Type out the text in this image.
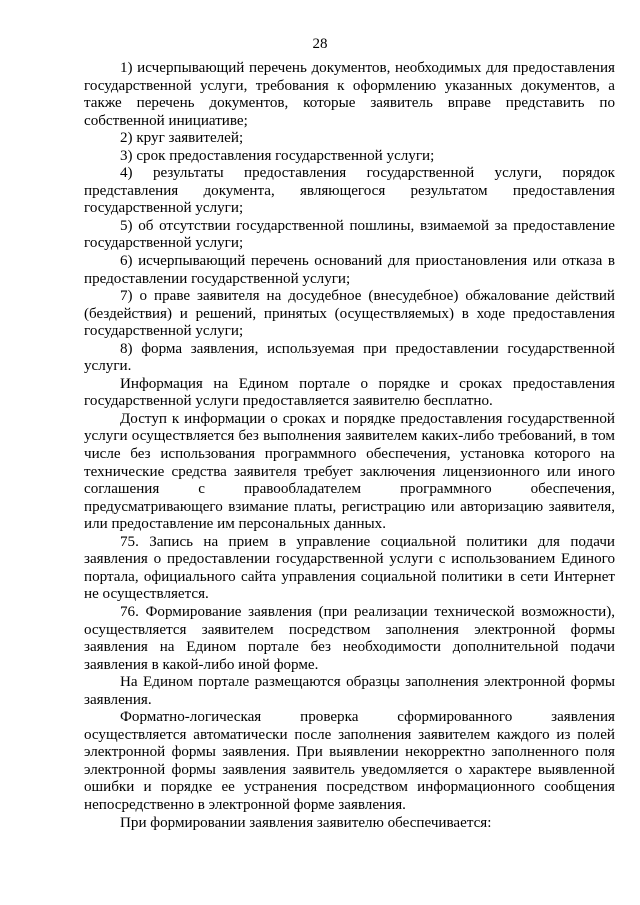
28

1) исчерпывающий перечень документов, необходимых для предоставления государственной услуги, требования к оформлению указанных документов, а также перечень документов, которые заявитель вправе представить по собственной инициативе;

2) круг заявителей;

3) срок предоставления государственной услуги;

4) результаты предоставления государственной услуги, порядок представления документа, являющегося результатом предоставления государственной услуги;

5) об отсутствии государственной пошлины, взимаемой за предоставление государственной услуги;

6) исчерпывающий перечень оснований для приостановления или отказа в предоставлении государственной услуги;

7) о праве заявителя на досудебное (внесудебное) обжалование действий (бездействия) и решений, принятых (осуществляемых) в ходе предоставления государственной услуги;

8) форма заявления, используемая при предоставлении государственной услуги.

Информация на Едином портале о порядке и сроках предоставления государственной услуги предоставляется заявителю бесплатно.

Доступ к информации о сроках и порядке предоставления государственной услуги осуществляется без выполнения заявителем каких-либо требований, в том числе без использования программного обеспечения, установка которого на технические средства заявителя требует заключения лицензионного или иного соглашения с правообладателем программного обеспечения, предусматривающего взимание платы, регистрацию или авторизацию заявителя, или предоставление им персональных данных.

75. Запись на прием в управление социальной политики для подачи заявления о предоставлении государственной услуги с использованием Единого портала, официального сайта управления социальной политики в сети Интернет не осуществляется.

76. Формирование заявления (при реализации технической возможности), осуществляется заявителем посредством заполнения электронной формы заявления на Едином портале без необходимости дополнительной подачи заявления в какой-либо иной форме.

На Едином портале размещаются образцы заполнения электронной формы заявления.

Форматно-логическая проверка сформированного заявления осуществляется автоматически после заполнения заявителем каждого из полей электронной формы заявления. При выявлении некорректно заполненного поля электронной формы заявления заявитель уведомляется о характере выявленной ошибки и порядке ее устранения посредством информационного сообщения непосредственно в электронной форме заявления.

При формировании заявления заявителю обеспечивается:
